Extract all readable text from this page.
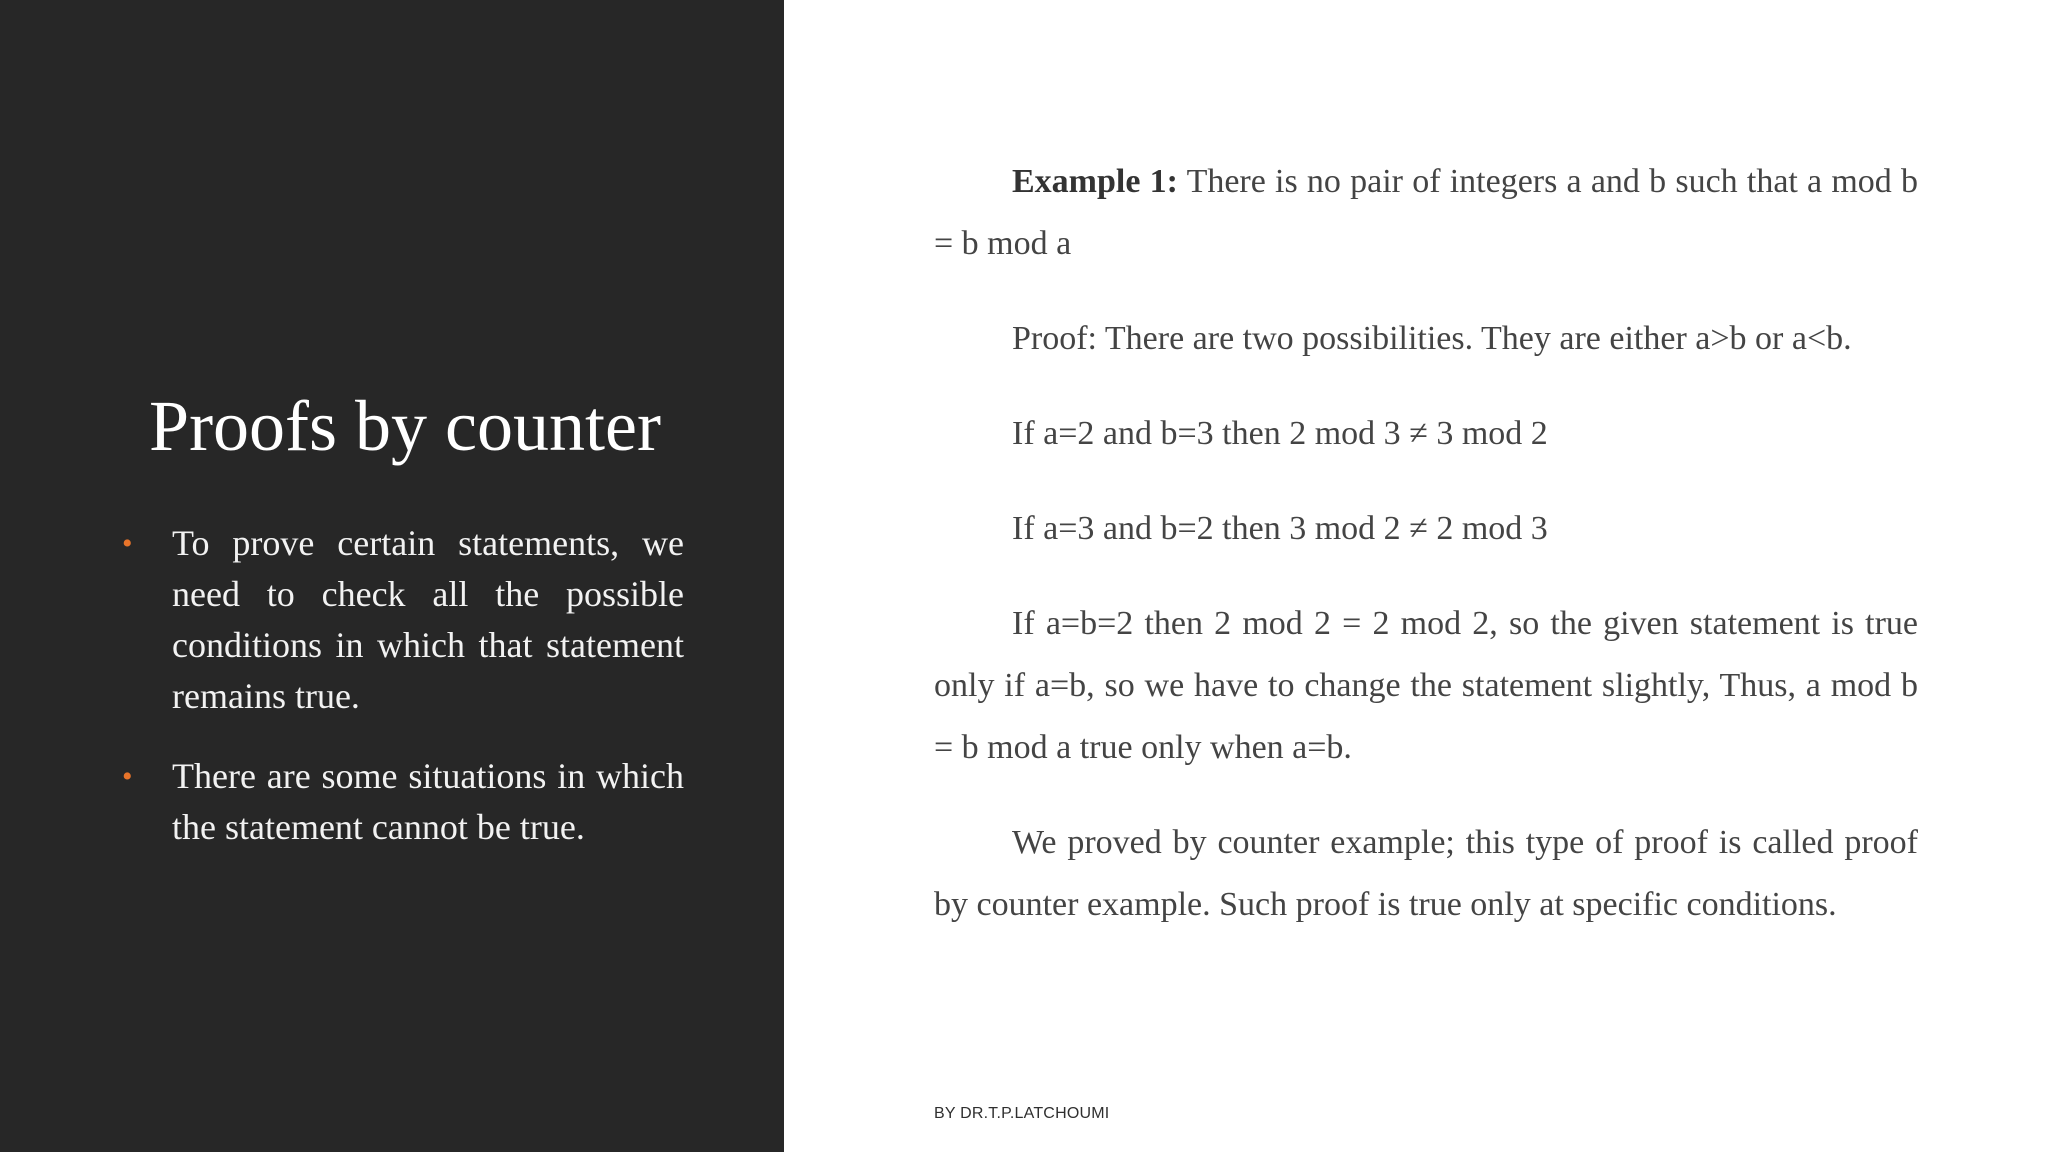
Proofs by counter
• To prove certain statements, we need to check all the possible conditions in which that statement remains true.
• There are some situations in which the statement cannot be true.

Example 1: There is no pair of integers a and b such that a mod b = b mod a

Proof: There are two possibilities. They are either a>b or a<b.

If a=2 and b=3 then 2 mod 3 ≠ 3 mod 2

If a=3 and b=2 then 3 mod 2 ≠ 2 mod 3

If a=b=2 then 2 mod 2 = 2 mod 2, so the given statement is true only if a=b, so we have to change the statement slightly, Thus, a mod b = b mod a true only when a=b.

We proved by counter example; this type of proof is called proof by counter example. Such proof is true only at specific conditions.

BY DR.T.P.LATCHOUMI
